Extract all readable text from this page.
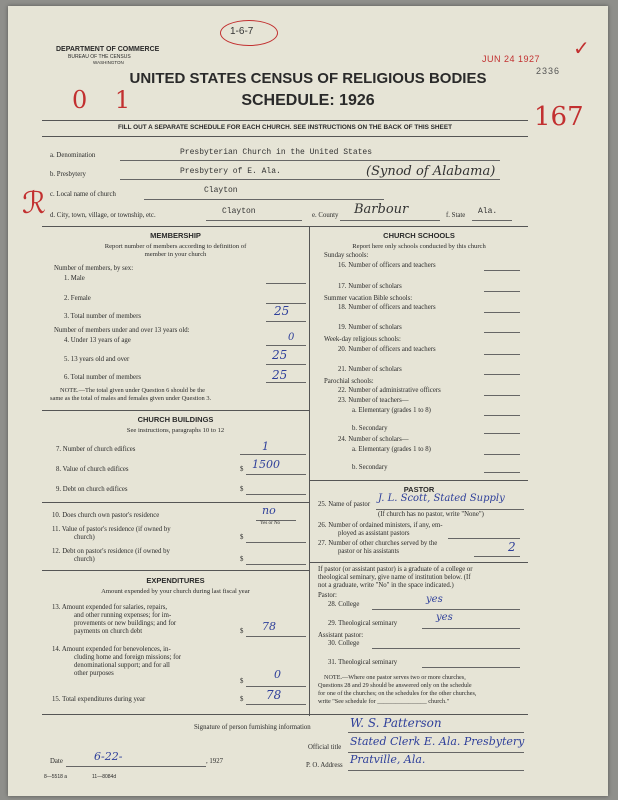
DEPARTMENT OF COMMERCE
BUREAU OF THE CENSUS
WASHINGTON
1-6-7
JUN 24 1927
2336
✓
UNITED STATES CENSUS OF RELIGIOUS BODIES
SCHEDULE: 1926
0 1
167
FILL OUT A SEPARATE SCHEDULE FOR EACH CHURCH. SEE INSTRUCTIONS ON THE BACK OF THIS SHEET
a. Denomination	Presbyterian Church in the United States
b. Presbytery	Presbytery of E. Ala.	(Synod of Alabama)
c. Local name of church	Clayton
d. City, town, village, or township, etc.	Clayton	e. County Barbour	f. State Ala.
ℛ
MEMBERSHIP
Report number of members according to definition of
member in your church
Number of members, by sex:
1. Male
2. Female
3. Total number of members	25
Number of members under and over 13 years old:
4. Under 13 years of age	0
5. 13 years old and over	25
6. Total number of members	25
NOTE.—The total given under Question 6 should be the
same as the total of males and females given under Question 3.
CHURCH BUILDINGS
See instructions, paragraphs 10 to 12
7. Number of church edifices	1
8. Value of church edifices	$ 1500
9. Debt on church edifices	$
10. Does church own pastor's residence	no
Yes or No
11. Value of pastor's residence (if owned by
church)	$
12. Debt on pastor's residence (if owned by
church)	$
EXPENDITURES
Amount expended by your church during last fiscal year
13. Amount expended for salaries, repairs,
and other running expenses; for im-
provements or new buildings; and for
payments on church debt	$ 78
14. Amount expended for benevolences, in-
cluding home and foreign missions; for
denominational support; and for all
other purposes
$
0
15. Total expenditures during year	$ 78
CHURCH SCHOOLS
Report here only schools conducted by this church
Sunday schools:
16. Number of officers and teachers
17. Number of scholars
Summer vacation Bible schools:
18. Number of officers and teachers
19. Number of scholars
Week-day religious schools:
20. Number of officers and teachers
21. Number of scholars
Parochial schools:
22. Number of administrative officers
23. Number of teachers—
a. Elementary (grades 1 to 8)
b. Secondary
24. Number of scholars—
a. Elementary (grades 1 to 8)
b. Secondary
PASTOR
25. Name of pastor
J. L. Scott, Stated Supply
(If church has no pastor, write "None")
26. Number of ordained ministers, if any, em-
ployed as assistant pastors
27. Number of other churches served by the
pastor or his assistants	2
If pastor (or assistant pastor) is a graduate of a college or
theological seminary, give name of institution below. (If
not a graduate, write "No" in the space indicated.)
Pastor:
28. College	yes
29. Theological seminary
yes
Assistant pastor:
30. College
31. Theological seminary
NOTE.—Where one pastor serves two or more churches,
Questions 28 and 29 should be answered only on the schedule
for one of the churches; on the schedules for the other churches,
write "See schedule for ________________ church."
Signature of person furnishing information	W. S. Patterson
Official title Stated Clerk E. Ala. Presbytery
Date	6-22-	, 1927
P. O. Address Pratville, Ala.
8—5518 a	11—8084d
